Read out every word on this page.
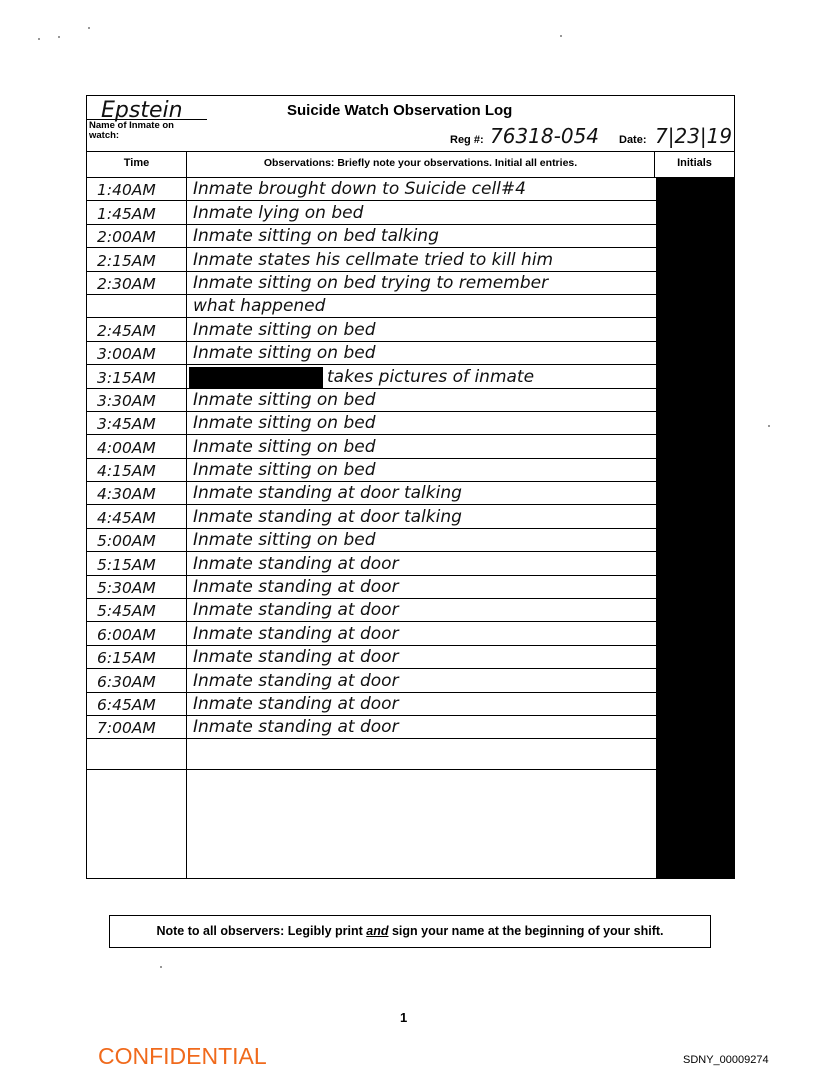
Epstein	Suicide Watch Observation Log
Name of Inmate on watch:	Reg #: 76318-054 Date: 7|23|19
Time	Observations: Briefly note your observations. Initial all entries.	Initials
1:40AM	Inmate brought down to Suicide cell#4
1:45AM	Inmate lying on bed
2:00AM	Inmate sitting on bed talking
2:15AM	Inmate states his cellmate tried to kill him
2:30AM	Inmate sitting on bed trying to remember
what happened
2:45AM	Inmate sitting on bed
3:00AM	Inmate sitting on bed
3:15AM	takes pictures of inmate
3:30AM	Inmate sitting on bed
3:45AM	Inmate sitting on bed
4:00AM	Inmate sitting on bed
4:15AM	Inmate sitting on bed
4:30AM	Inmate standing at door talking
4:45AM	Inmate standing at door talking
5:00AM	Inmate sitting on bed
5:15AM	Inmate standing at door
5:30AM	Inmate standing at door
5:45AM	Inmate standing at door
6:00AM	Inmate standing at door
6:15AM	Inmate standing at door
6:30AM	Inmate standing at door
6:45AM	Inmate standing at door
7:00AM	Inmate standing at door
Note to all observers: Legibly print and sign your name at the beginning of your shift.
1
CONFIDENTIAL	SDNY_00009274
